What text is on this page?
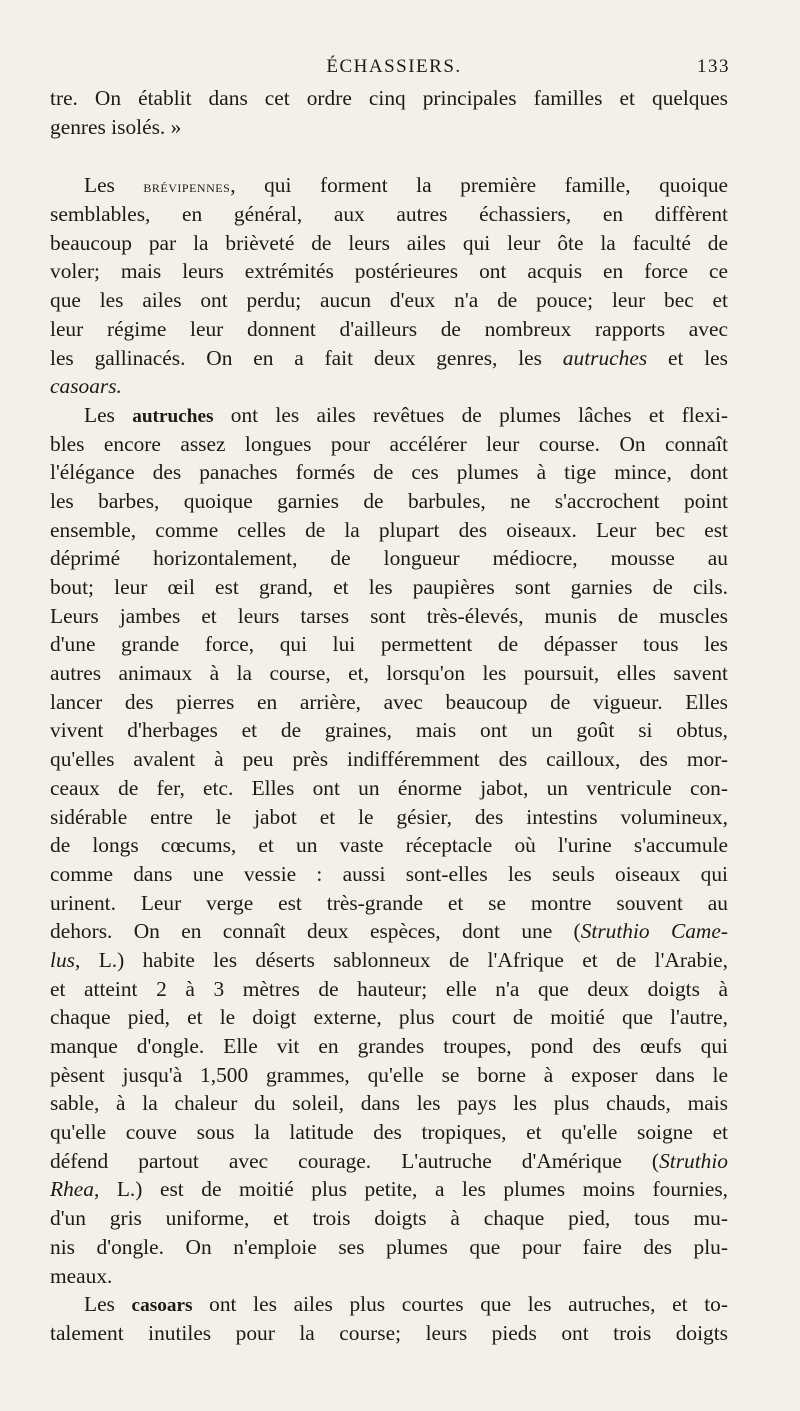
ÉCHASSIERS.	133
tre. On établit dans cet ordre cinq principales familles et quelques
genres isolés. »
Les brévipennes, qui forment la première famille, quoique
semblables, en général, aux autres échassiers, en diffèrent
beaucoup par la brièveté de leurs ailes qui leur ôte la faculté de
voler; mais leurs extrémités postérieures ont acquis en force ce
que les ailes ont perdu; aucun d'eux n'a de pouce; leur bec et
leur régime leur donnent d'ailleurs de nombreux rapports avec
les gallinacés. On en a fait deux genres, les autruches et les
casoars.
Les autruches ont les ailes revêtues de plumes lâches et flexi-
bles encore assez longues pour accélérer leur course. On connaît
l'élégance des panaches formés de ces plumes à tige mince, dont
les barbes, quoique garnies de barbules, ne s'accrochent point
ensemble, comme celles de la plupart des oiseaux. Leur bec est
déprimé horizontalement, de longueur médiocre, mousse au
bout; leur œil est grand, et les paupières sont garnies de cils.
Leurs jambes et leurs tarses sont très-élevés, munis de muscles
d'une grande force, qui lui permettent de dépasser tous les
autres animaux à la course, et, lorsqu'on les poursuit, elles savent
lancer des pierres en arrière, avec beaucoup de vigueur. Elles
vivent d'herbages et de graines, mais ont un goût si obtus,
qu'elles avalent à peu près indifféremment des cailloux, des mor-
ceaux de fer, etc. Elles ont un énorme jabot, un ventricule con-
sidérable entre le jabot et le gésier, des intestins volumineux,
de longs cœcums, et un vaste réceptacle où l'urine s'accumule
comme dans une vessie : aussi sont-elles les seuls oiseaux qui
urinent. Leur verge est très-grande et se montre souvent au
dehors. On en connaît deux espèces, dont une (Struthio Came-
lus, L.) habite les déserts sablonneux de l'Afrique et de l'Arabie,
et atteint 2 à 3 mètres de hauteur; elle n'a que deux doigts à
chaque pied, et le doigt externe, plus court de moitié que l'autre,
manque d'ongle. Elle vit en grandes troupes, pond des œufs qui
pèsent jusqu'à 1,500 grammes, qu'elle se borne à exposer dans le
sable, à la chaleur du soleil, dans les pays les plus chauds, mais
qu'elle couve sous la latitude des tropiques, et qu'elle soigne et
défend partout avec courage. L'autruche d'Amérique (Struthio
Rhea, L.) est de moitié plus petite, a les plumes moins fournies,
d'un gris uniforme, et trois doigts à chaque pied, tous mu-
nis d'ongle. On n'emploie ses plumes que pour faire des plu-
meaux.
Les casoars ont les ailes plus courtes que les autruches, et to-
talement inutiles pour la course; leurs pieds ont trois doigts
